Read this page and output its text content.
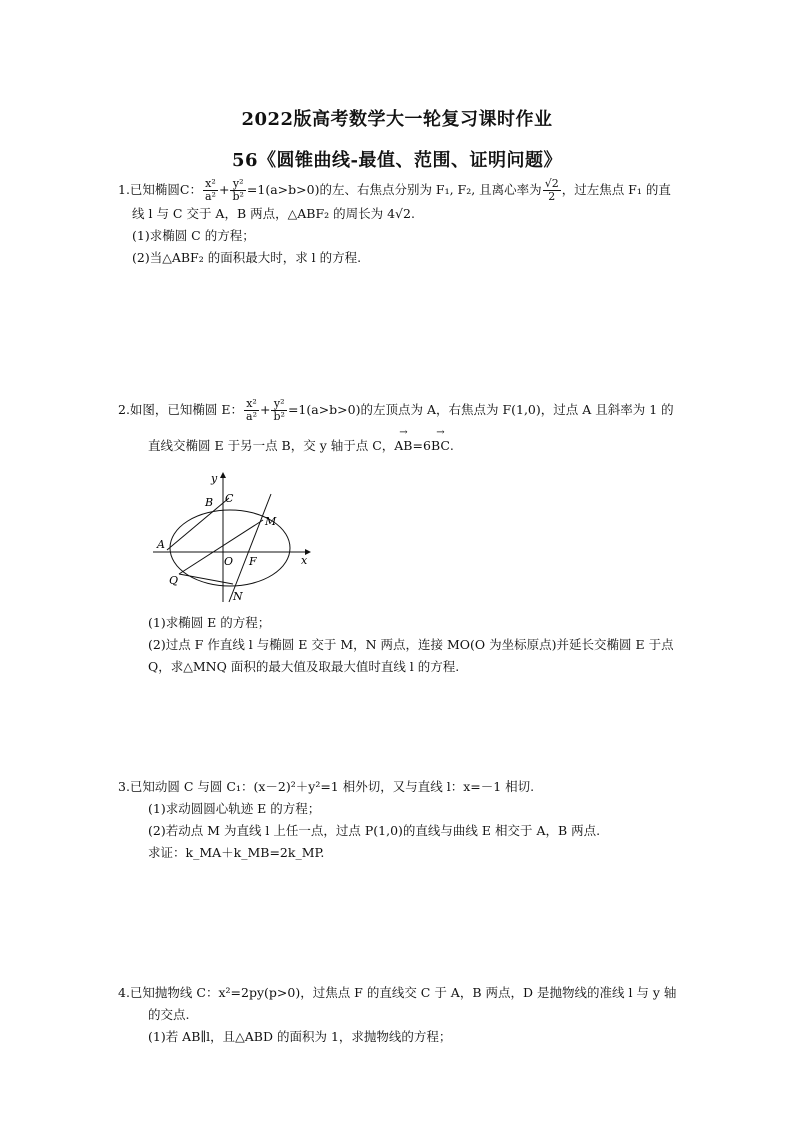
2022版高考数学大一轮复习课时作业
56《圆锥曲线-最值、范围、证明问题》
1.已知椭圆C： $\frac{\text{x²}}{\text{a²}} + \frac{\text{y²}}{\text{b²}} =1(a>b>0)$的左、右焦点分别为 F₁, F₂, 且离心率为 $\frac{√2}{2}$ ，过左焦点 F₁ 的直
线 l 与 C 交于 A，B 两点，△ABF₂ 的周长为 4√2.
(1)求椭圆 C 的方程；
(2)当△ABF₂ 的面积最大时，求 l 的方程.
2.如图，已知椭圆 E： $\frac{\text{x²}}{\text{a²}} + \frac{\text{y²}}{\text{b²}} =1(a>b>0)$的左顶点为 A，右焦点为 F(1,0)，过点 A 且斜率为 1 的
直线交椭圆 E 于另一点 B，交 y 轴于点 C，→ AB=6→ BC.
y
x
A
B C
M
O F
Q
N
(1)求椭圆 E 的方程；
(2)过点 F 作直线 l 与椭圆 E 交于 M，N 两点，连接 MO(O 为坐标原点)并延长交椭圆 E 于点
Q，求△MNQ 面积的最大值及取最大值时直线 l 的方程.
3.已知动圆 C 与圆 C₁：(x－2)²＋y²=1 相外切，又与直线 l：x=－1 相切.
(1)求动圆圆心轨迹 E 的方程；
(2)若动点 M 为直线 l 上任一点，过点 P(1,0)的直线与曲线 E 相交于 A，B 两点.
求证：k_MA＋k_MB=2k_MP.
4.已知抛物线 C：x²=2py(p>0)，过焦点 F 的直线交 C 于 A，B 两点，D 是抛物线的准线 l 与 y 轴
的交点.
(1)若 AB∥l，且△ABD 的面积为 1，求抛物线的方程；
